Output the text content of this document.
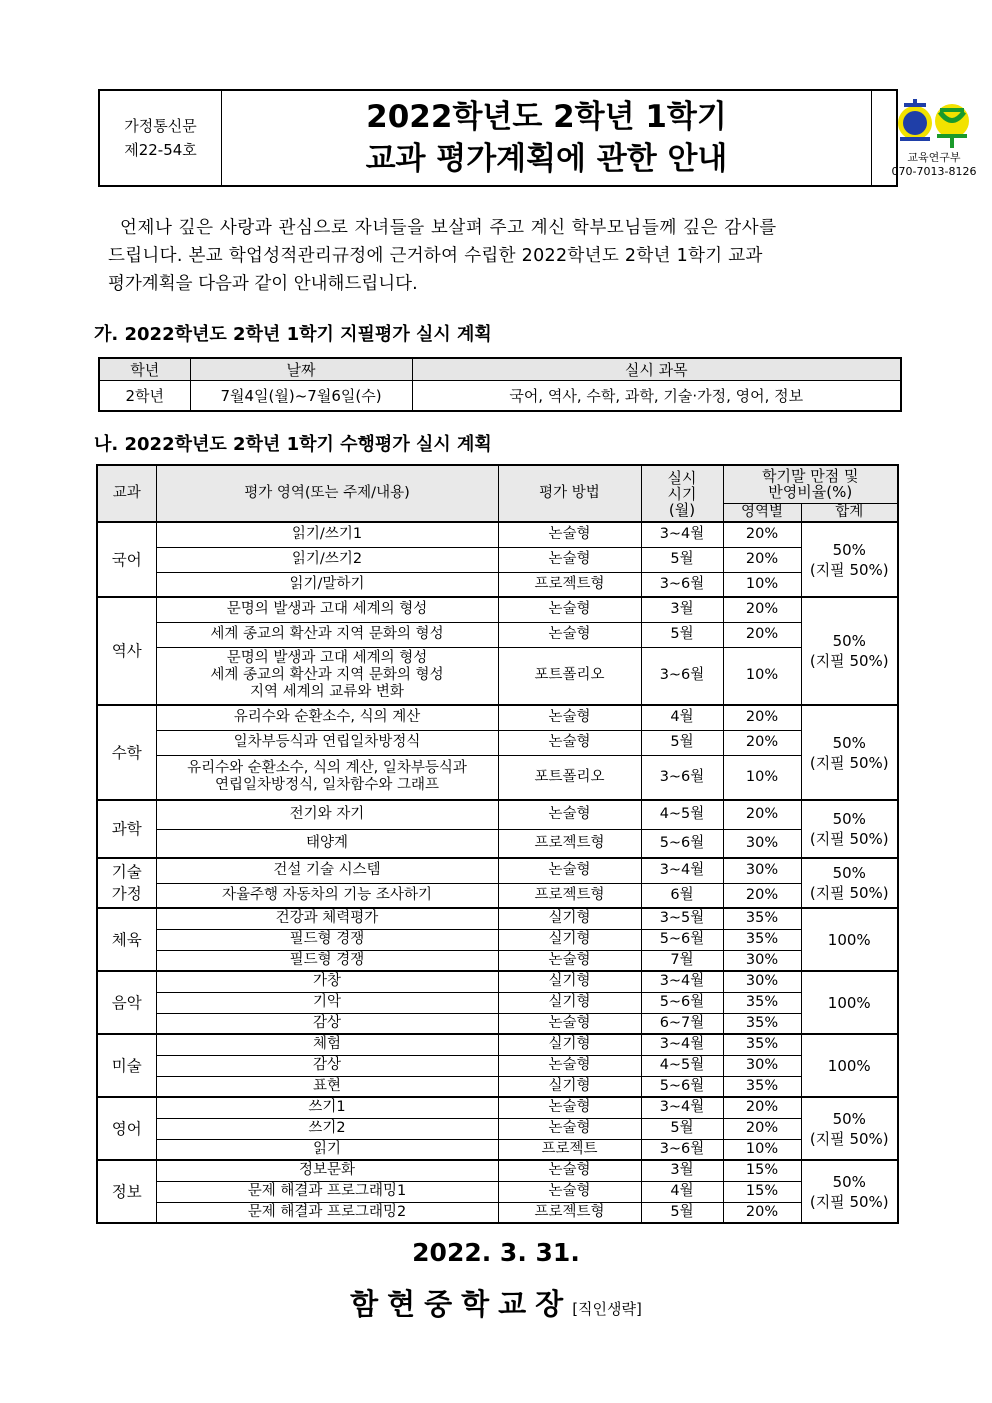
가정통신문
제22-54호
2022학년도 2학년 1학기
교과 평가계획에 관한 안내	교육연구부
070-7013-8126
언제나 깊은 사랑과 관심으로 자녀들을 보살펴 주고 계신 학부모님들께 깊은 감사를
드립니다. 본교 학업성적관리규정에 근거하여 수립한 2022학년도 2학년 1학기 교과
평가계획을 다음과 같이 안내해드립니다.
가. 2022학년도 2학년 1학기 지필평가 실시 계획
학년	날짜	실시 과목
2학년	7월4일(월)~7월6일(수)	국어, 역사, 수학, 과학, 기술·가정, 영어, 정보
나. 2022학년도 2학년 1학기 수행평가 실시 계획
교과	평가 영역(또는 주제/내용)	평가 방법	실시
시기
(월)	학기말 만점 및
반영비율(%)	
				영역별	합계
국어	읽기/쓰기1	논술형	3~4월	20%	50%
(지필 50%)
	읽기/쓰기2	논술형	5월	20%	
	읽기/말하기	프로젝트형	3~6월	10%	
역사	문명의 발생과 고대 세계의 형성	논술형	3월	20%	50%
(지필 50%)
	세계 종교의 확산과 지역 문화의 형성	논술형	5월	20%	
	문명의 발생과 고대 세계의 형성
세계 종교의 확산과 지역 문화의 형성
지역 세계의 교류와 변화	포트폴리오	3~6월	10%	
수학	유리수와 순환소수, 식의 계산	논술형	4월	20%	50%
(지필 50%)
	일차부등식과 연립일차방정식	논술형	5월	20%	
	유리수와 순환소수, 식의 계산, 일차부등식과
연립일차방정식, 일차함수와 그래프	포트폴리오	3~6월	10%	
과학	전기와 자기	논술형	4~5월	20%	50%
(지필 50%)
	태양계	프로젝트형	5~6월	30%	
기술
가정	건설 기술 시스템	논술형	3~4월	30%	50%
(지필 50%)
	자율주행 자동차의 기능 조사하기	프로젝트형	6월	20%	
체육	건강과 체력평가	실기형	3~5월	35%	100%
	필드형 경쟁	실기형	5~6월	35%	
	필드형 경쟁	논술형	7월	30%	
음악	가창	실기형	3~4월	30%	100%
	기악	실기형	5~6월	35%	
	감상	논술형	6~7월	35%	
미술	체험	실기형	3~4월	35%	100%
	감상	논술형	4~5월	30%	
	표현	실기형	5~6월	35%	
영어	쓰기1	논술형	3~4월	20%	50%
(지필 50%)
	쓰기2	논술형	5월	20%	
	읽기	프로젝트	3~6월	10%	
정보	정보문화	논술형	3월	15%	50%
(지필 50%)
	문제 해결과 프로그래밍1	논술형	4월	15%	
	문제 해결과 프로그래밍2	프로젝트형	5월	20%	
2022. 3. 31.
함현중학교장[직인생략]
